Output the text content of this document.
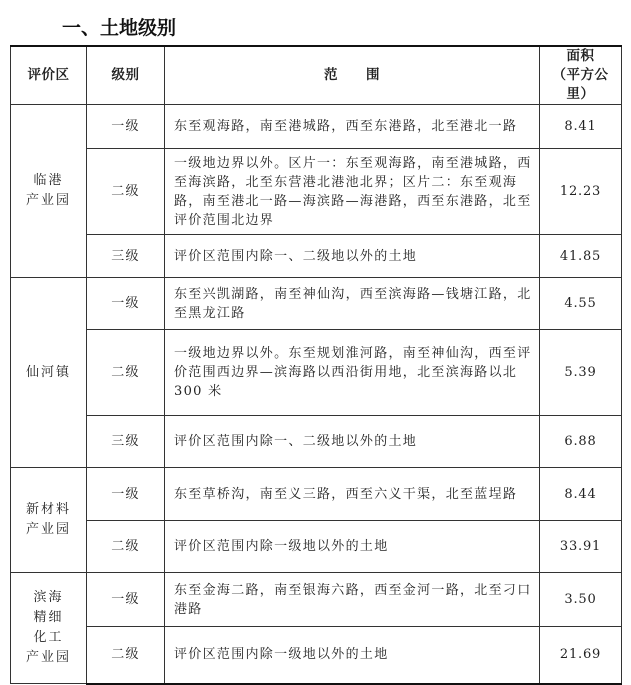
一、土地级别
评价区	级别	范　　围	面积
（平方公里）

临港
产业园	一级	东至观海路，南至港城路，西至东港路，北至港北一路	8.41
	二级	一级地边界以外。区片一：东至观海路，南至港城路，西至海滨路，北至东营港北港池北界；区片二：东至观海路，南至港北一路—海滨路—海港路，西至东港路，北至评价范围北边界	12.23
	三级	评价区范围内除一、二级地以外的土地	41.85
仙河镇	一级	东至兴凯湖路，南至神仙沟，西至滨海路—钱塘江路，北至黑龙江路	4.55
	二级	一级地边界以外。东至规划淮河路，南至神仙沟，西至评价范围西边界—滨海路以西沿街用地，北至滨海路以北 300 米	5.39
	三级	评价区范围内除一、二级地以外的土地	6.88
新材料
产业园	一级	东至草桥沟，南至义三路，西至六义干渠，北至蓝埕路	8.44
	二级	评价区范围内除一级地以外的土地	33.91
滨海
精细
化工
产业园	一级	东至金海二路，南至银海六路，西至金河一路，北至刁口港路	3.50
	二级	评价区范围内除一级地以外的土地	21.69
